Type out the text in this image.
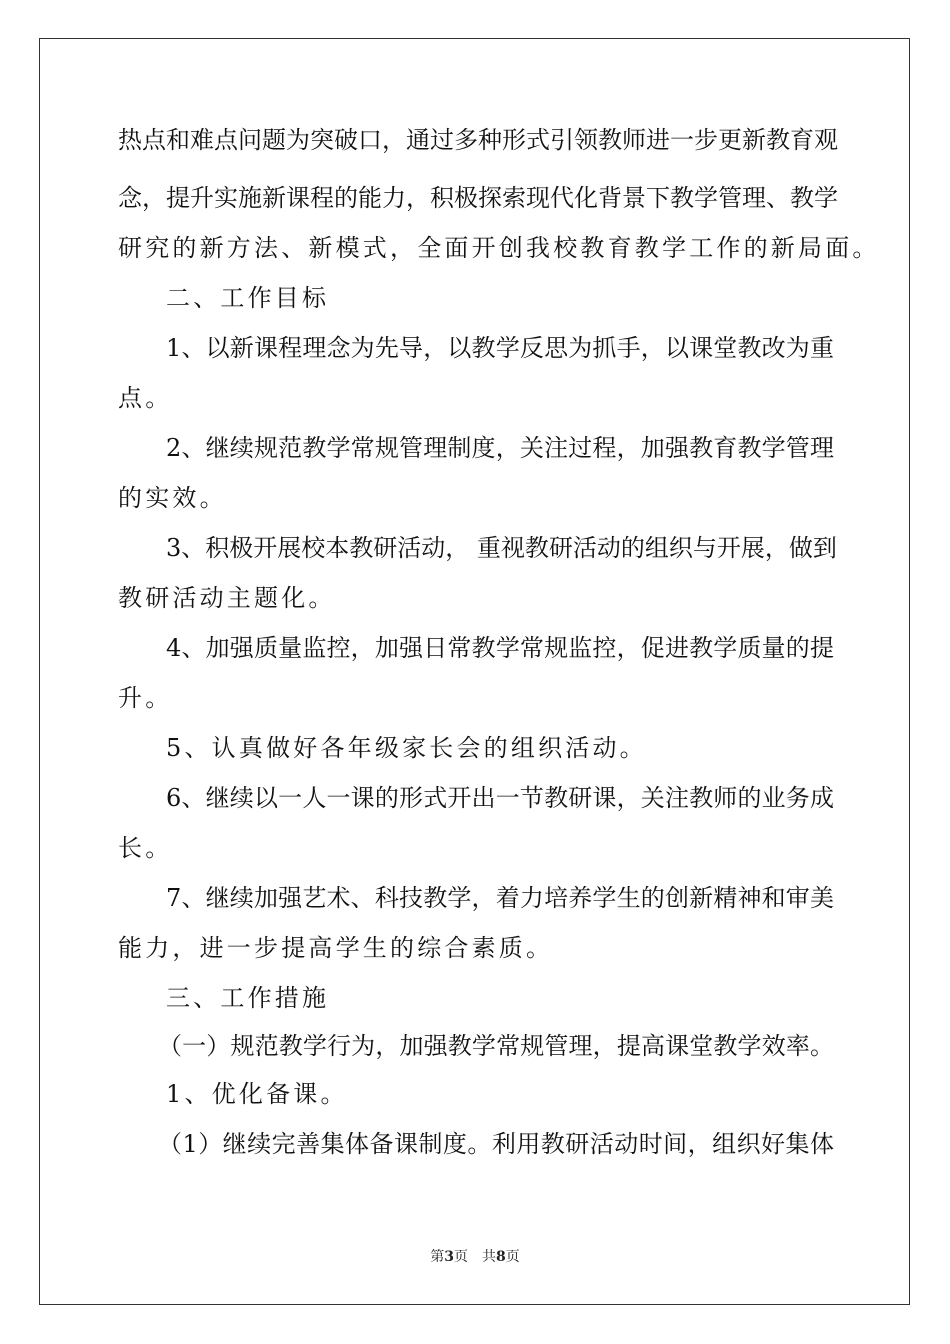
热点和难点问题为突破口，通过多种形式引领教师进一步更新教育观
念，提升实施新课程的能力，积极探索现代化背景下教学管理、教学
研究的新方法、新模式，全面开创我校教育教学工作的新局面。
二、工作目标
1、以新课程理念为先导，以教学反思为抓手，以课堂教改为重
点。
2、继续规范教学常规管理制度，关注过程，加强教育教学管理
的实效。
3、积极开展校本教研活动， 重视教研活动的组织与开展，做到
教研活动主题化。
4、加强质量监控，加强日常教学常规监控，促进教学质量的提
升。
5、认真做好各年级家长会的组织活动。
6、继续以一人一课的形式开出一节教研课，关注教师的业务成
长。
7、继续加强艺术、科技教学，着力培养学生的创新精神和审美
能力，进一步提高学生的综合素质。
三、工作措施
（一）规范教学行为，加强教学常规管理，提高课堂教学效率。
1、优化备课。
（1）继续完善集体备课制度。利用教研活动时间，组织好集体
第3页　共8页
